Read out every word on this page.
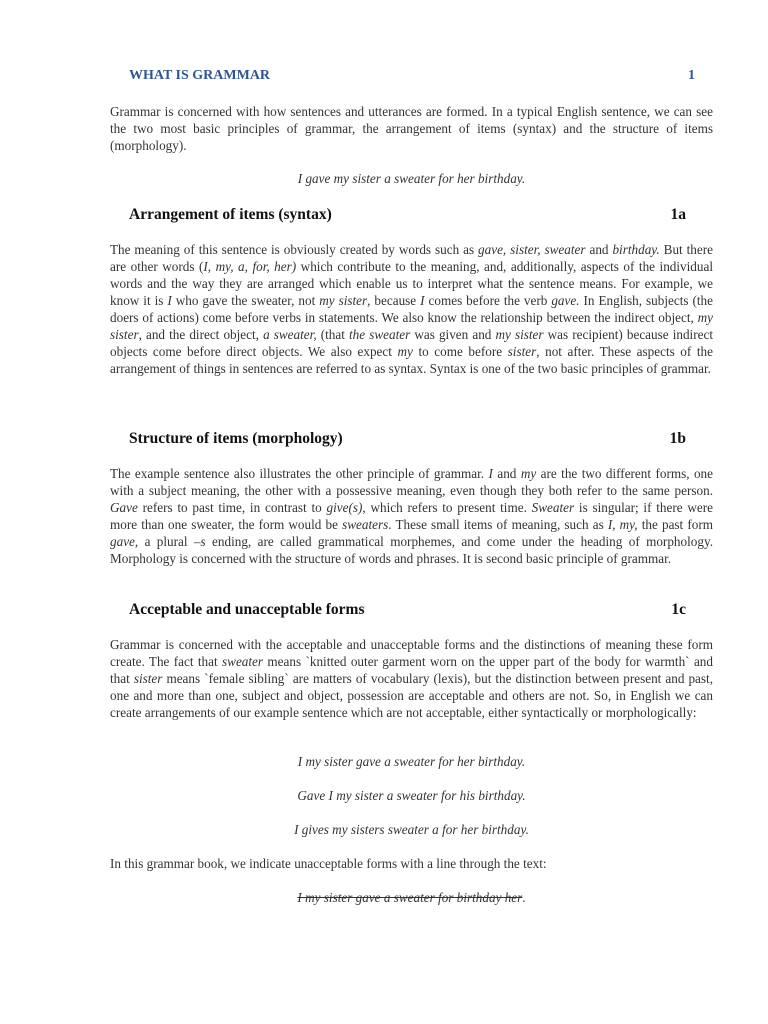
WHAT IS GRAMMAR	1
Grammar is concerned with how sentences and utterances are formed. In a typical English sentence, we can see the two most basic principles of grammar, the arrangement of items (syntax) and the structure of items (morphology).
I gave my sister a sweater for her birthday.
Arrangement of items (syntax)	1a
The meaning of this sentence is obviously created by words such as gave, sister, sweater and birthday. But there are other words (I, my, a, for, her) which contribute to the meaning, and, additionally, aspects of the individual words and the way they are arranged which enable us to interpret what the sentence means. For example, we know it is I who gave the sweater, not my sister, because I comes before the verb gave. In English, subjects (the doers of actions) come before verbs in statements. We also know the relationship between the indirect object, my sister, and the direct object, a sweater, (that the sweater was given and my sister was recipient) because indirect objects come before direct objects. We also expect my to come before sister, not after. These aspects of the arrangement of things in sentences are referred to as syntax. Syntax is one of the two basic principles of grammar.
Structure of items (morphology)	1b
The example sentence also illustrates the other principle of grammar. I and my are the two different forms, one with a subject meaning, the other with a possessive meaning, even though they both refer to the same person. Gave refers to past time, in contrast to give(s), which refers to present time. Sweater is singular; if there were more than one sweater, the form would be sweaters. These small items of meaning, such as I, my, the past form gave, a plural –s ending, are called grammatical morphemes, and come under the heading of morphology. Morphology is concerned with the structure of words and phrases. It is second basic principle of grammar.
Acceptable and unacceptable forms	1c
Grammar is concerned with the acceptable and unacceptable forms and the distinctions of meaning these form create. The fact that sweater means `knitted outer garment worn on the upper part of the body for warmth` and that sister means `female sibling` are matters of vocabulary (lexis), but the distinction between present and past, one and more than one, subject and object, possession are acceptable and others are not. So, in English we can create arrangements of our example sentence which are not acceptable, either syntactically or morphologically:
I my sister gave a sweater for her birthday.
Gave I my sister a sweater for his birthday.
I gives my sisters sweater a for her birthday.
In this grammar book, we indicate unacceptable forms with a line through the text:
I my sister gave a sweater for birthday her.
